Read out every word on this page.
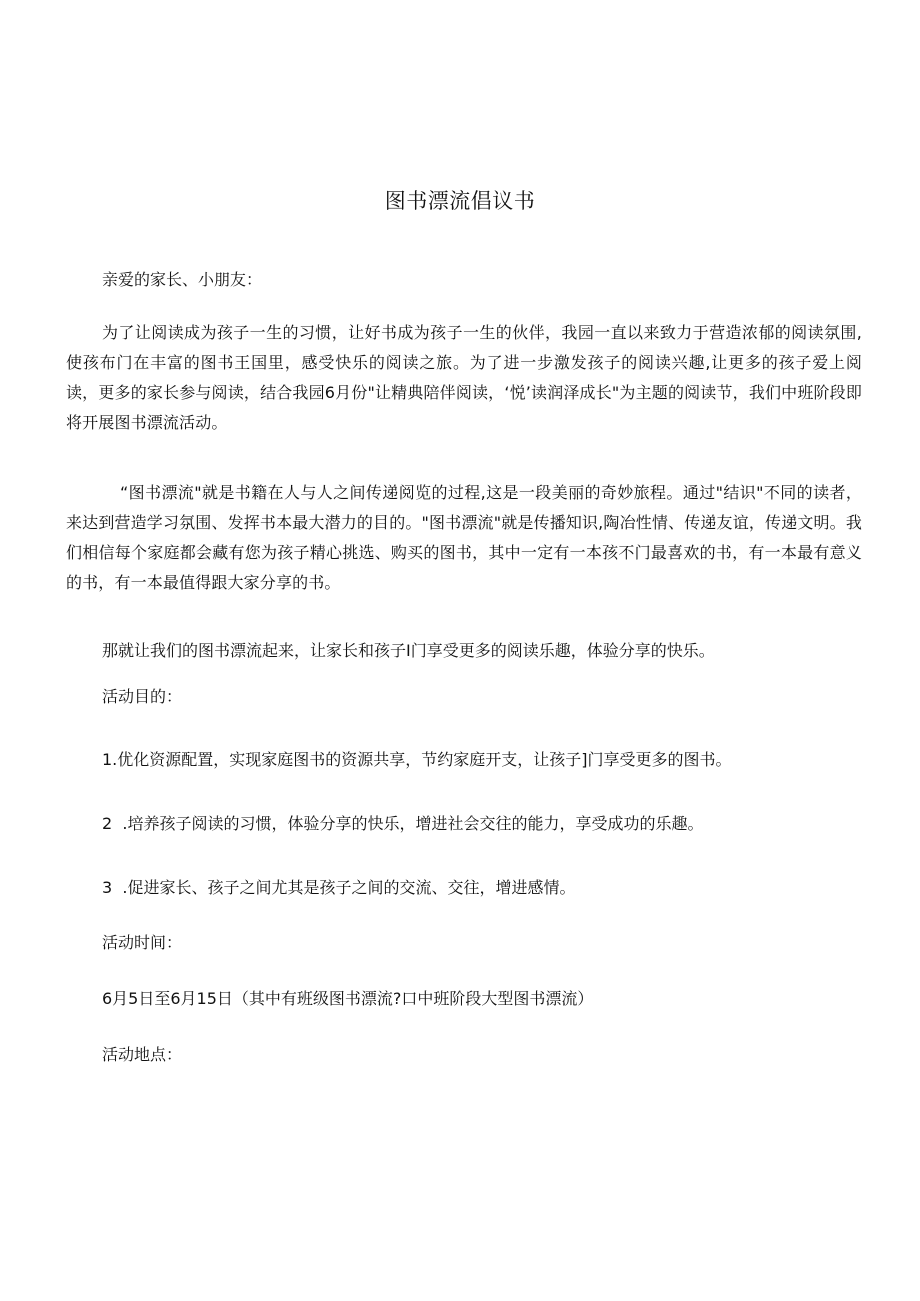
图书漂流倡议书
亲爱的家长、小朋友：
为了让阅读成为孩子一生的习惯，让好书成为孩子一生的伙伴，我园一直以来致力于营造浓郁的阅读氛围,使孩布门在丰富的图书王国里，感受快乐的阅读之旅。为了进一步激发孩子的阅读兴趣,让更多的孩子爱上阅读，更多的家长参与阅读，结合我园6月份"让精典陪伴阅读，‘悦’读润泽成长"为主题的阅读节，我们中班阶段即将开展图书漂流活动。
“图书漂流"就是书籍在人与人之间传递阅览的过程,这是一段美丽的奇妙旅程。通过"结识"不同的读者，来达到营造学习氛围、发挥书本最大潜力的目的。"图书漂流"就是传播知识,陶冶性情、传递友谊，传递文明。我们相信每个家庭都会藏有您为孩子精心挑选、购买的图书，其中一定有一本孩不门最喜欢的书，有一本最有意义的书，有一本最值得跟大家分享的书。
那就让我们的图书漂流起来，让家长和孩子I门享受更多的阅读乐趣，体验分享的快乐。
活动目的：
1.优化资源配置，实现家庭图书的资源共享，节约家庭开支，让孩子]门享受更多的图书。
2  .培养孩子阅读的习惯，体验分享的快乐，增进社会交往的能力，享受成功的乐趣。
3  .促进家长、孩子之间尤其是孩子之间的交流、交往，增进感情。
活动时间：
6月5日至6月15日（其中有班级图书漂流?口中班阶段大型图书漂流）
活动地点：
